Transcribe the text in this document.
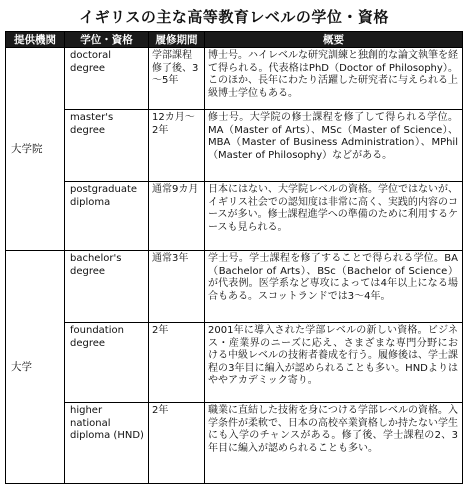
イギリスの主な高等教育レベルの学位・資格
提供機関	学位・資格	履修期間	概要
大学院	doctoral degree	学部課程修了後、3～5年	博士号。ハイレベルな研究訓練と独創的な論文執筆を経て得られる。代表格はPhD（Doctor of Philosophy）。このほか、長年にわたり活躍した研究者に与えられる上級博士学位もある。
	master's degree	12カ月～2年	修士号。大学院の修士課程を修了して得られる学位。MA（Master of Arts）、MSc（Master of Science）、MBA（Master of Business Administration）、MPhil（Master of Philosophy）などがある。
	postgraduate diploma	通常9カ月	日本にはない、大学院レベルの資格。学位ではないが、イギリス社会での認知度は非常に高く、実践的内容のコースが多い。修士課程進学への準備のために利用するケースも見られる。
大学	bachelor's degree	通常3年	学士号。学士課程を修了することで得られる学位。BA（Bachelor of Arts）、BSc（Bachelor of Science）が代表例。医学系など専攻によっては4年以上になる場合もある。スコットランドでは3～4年。
	foundation degree	2年	2001年に導入された学部レベルの新しい資格。ビジネス・産業界のニーズに応え、さまざまな専門分野における中級レベルの技術者養成を行う。履修後は、学士課程の3年目に編入が認められることも多い。HNDよりはややアカデミック寄り。
	higher national diploma (HND)	2年	職業に直結した技術を身につける学部レベルの資格。入学条件が柔軟で、日本の高校卒業資格しか持たない学生にも入学のチャンスがある。修了後、学士課程の2、3年目に編入が認められることも多い。
